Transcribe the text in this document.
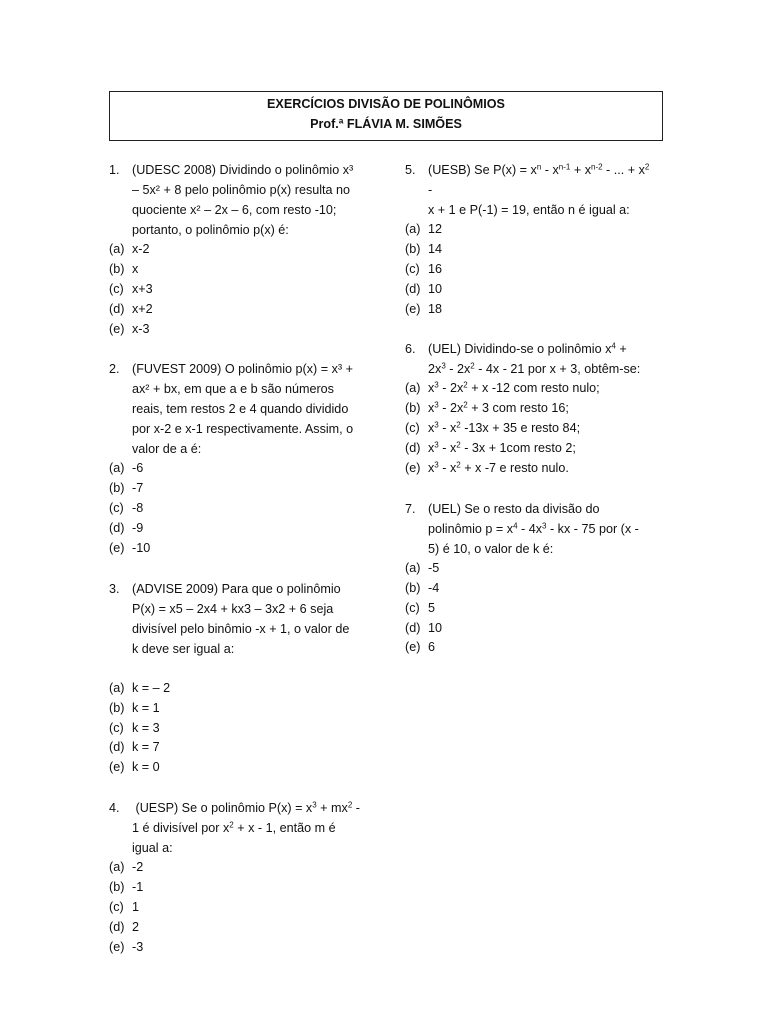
EXERCÍCIOS DIVISÃO DE POLINÔMIOS
Prof.ª FLÁVIA M. SIMÕES
1. (UDESC 2008) Dividindo o polinômio x³
– 5x² + 8 pelo polinômio p(x) resulta no
quociente x² – 2x – 6, com resto -10;
portanto, o polinômio p(x) é:
(a) x-2
(b) x
(c) x+3
(d) x+2
(e) x-3
2. (FUVEST 2009) O polinômio p(x) = x³ +
ax² + bx, em que a e b são números
reais, tem restos 2 e 4 quando dividido
por x-2 e x-1 respectivamente. Assim, o
valor de a é:
(a) -6
(b) -7
(c) -8
(d) -9
(e) -10
3. (ADVISE 2009) Para que o polinômio
P(x) = x5 – 2x4 + kx3 – 3x2 + 6 seja
divisível pelo binômio -x + 1, o valor de
k deve ser igual a:
(a) k = – 2
(b) k = 1
(c) k = 3
(d) k = 7
(e) k = 0
4. (UESP) Se o polinômio $P(x) = x^3 + mx^2$ -
1 é divisível por $x^2 + x - 1$, então m é
igual a:
(a) -2
(b) -1
(c) 1
(d) 2
(e) -3
5. (UESB) Se $P(x) = x^n - x^{n-1} + x^{n-2}$ - ... + $x^2$ -
x + 1 e P(-1) = 19, então n é igual a:
(a) 12
(b) 14
(c) 16
(d) 10
(e) 18
6. (UEL) Dividindo-se o polinômio $x^4$ +
$2x^3 - 2x^2 - 4x - 21$ por x + 3, obtêm-se:
(a) $x^3 - 2x^2 + x$ -12 com resto nulo;
(b) $x^3 - 2x^2 + 3$ com resto 16;
(c) $x^3 - x^2$ -13x + 35 e resto 84;
(d) $x^3 - x^2 - 3x + 1com$ resto 2;
(e) $x^3 - x^2 + x$ -7 e resto nulo.
7. (UEL) Se o resto da divisão do
polinômio $p = x^4 - 4x^3$ - kx - 75 por (x -
5) é 10, o valor de k é:
(a) -5
(b) -4
(c) 5
(d) 10
(e) 6
